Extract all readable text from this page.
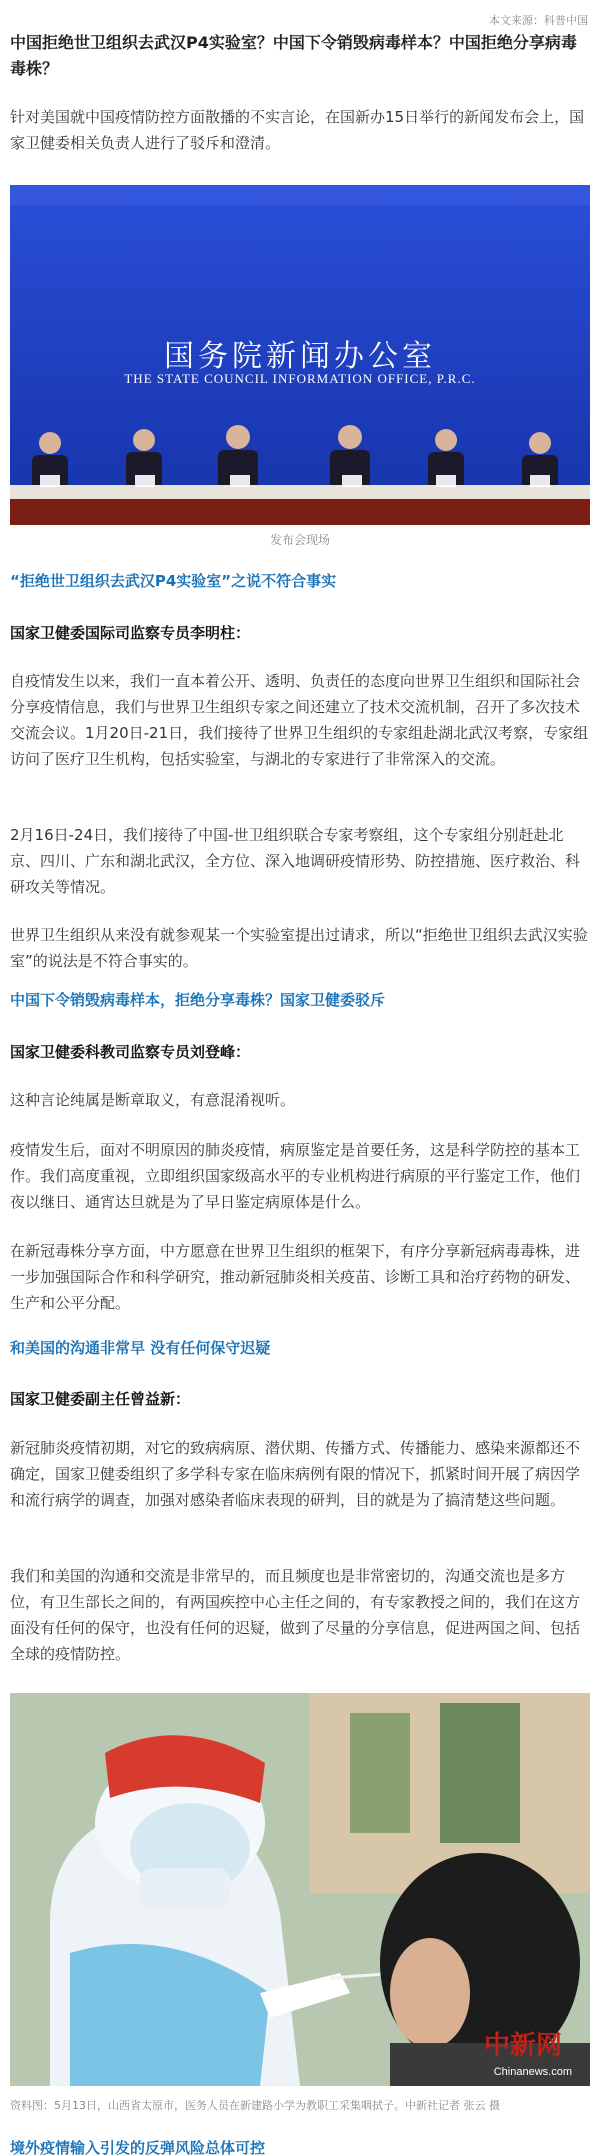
本文来源：科普中国
中国拒绝世卫组织去武汉P4实验室？中国下令销毁病毒样本？中国拒绝分享病毒毒株？

针对美国就中国疫情防控方面散播的不实言论，在国新办15日举行的新闻发布会上，国家卫健委相关负责人进行了驳斥和澄清。

国务院新闻办公室
THE STATE COUNCIL INFORMATION OFFICE, P.R.C.
发布会现场
“拒绝世卫组织去武汉P4实验室”之说不符合事实

国家卫健委国际司监察专员李明柱：

自疫情发生以来，我们一直本着公开、透明、负责任的态度向世界卫生组织和国际社会分享疫情信息，我们与世界卫生组织专家之间还建立了技术交流机制，召开了多次技术交流会议。1月20日-21日，我们接待了世界卫生组织的专家组赴湖北武汉考察，专家组访问了医疗卫生机构，包括实验室，与湖北的专家进行了非常深入的交流。

2月16日-24日，我们接待了中国-世卫组织联合专家考察组，这个专家组分别赶赴北京、四川、广东和湖北武汉，全方位、深入地调研疫情形势、防控措施、医疗救治、科研攻关等情况。

世界卫生组织从来没有就参观某一个实验室提出过请求，所以“拒绝世卫组织去武汉实验室”的说法是不符合事实的。

中国下令销毁病毒样本，拒绝分享毒株？国家卫健委驳斥

国家卫健委科教司监察专员刘登峰：

这种言论纯属是断章取义，有意混淆视听。

疫情发生后，面对不明原因的肺炎疫情，病原鉴定是首要任务，这是科学防控的基本工作。我们高度重视，立即组织国家级高水平的专业机构进行病原的平行鉴定工作，他们夜以继日、通宵达旦就是为了早日鉴定病原体是什么。

在新冠毒株分享方面，中方愿意在世界卫生组织的框架下，有序分享新冠病毒毒株，进一步加强国际合作和科学研究，推动新冠肺炎相关疫苗、诊断工具和治疗药物的研发、生产和公平分配。

和美国的沟通非常早 没有任何保守迟疑

国家卫健委副主任曾益新：

新冠肺炎疫情初期，对它的致病病原、潜伏期、传播方式、传播能力、感染来源都还不确定，国家卫健委组织了多学科专家在临床病例有限的情况下，抓紧时间开展了病因学和流行病学的调查，加强对感染者临床表现的研判，目的就是为了搞清楚这些问题。

我们和美国的沟通和交流是非常早的，而且频度也是非常密切的，沟通交流也是多方位，有卫生部长之间的，有两国疾控中心主任之间的，有专家教授之间的，我们在这方面没有任何的保守，也没有任何的迟疑，做到了尽量的分享信息，促进两国之间、包括全球的疫情防控。

中新网
Chinanews.com
资料图：5月13日，山西省太原市，医务人员在新建路小学为教职工采集咽拭子。中新社记者 张云 摄
境外疫情输入引发的反弹风险总体可控
